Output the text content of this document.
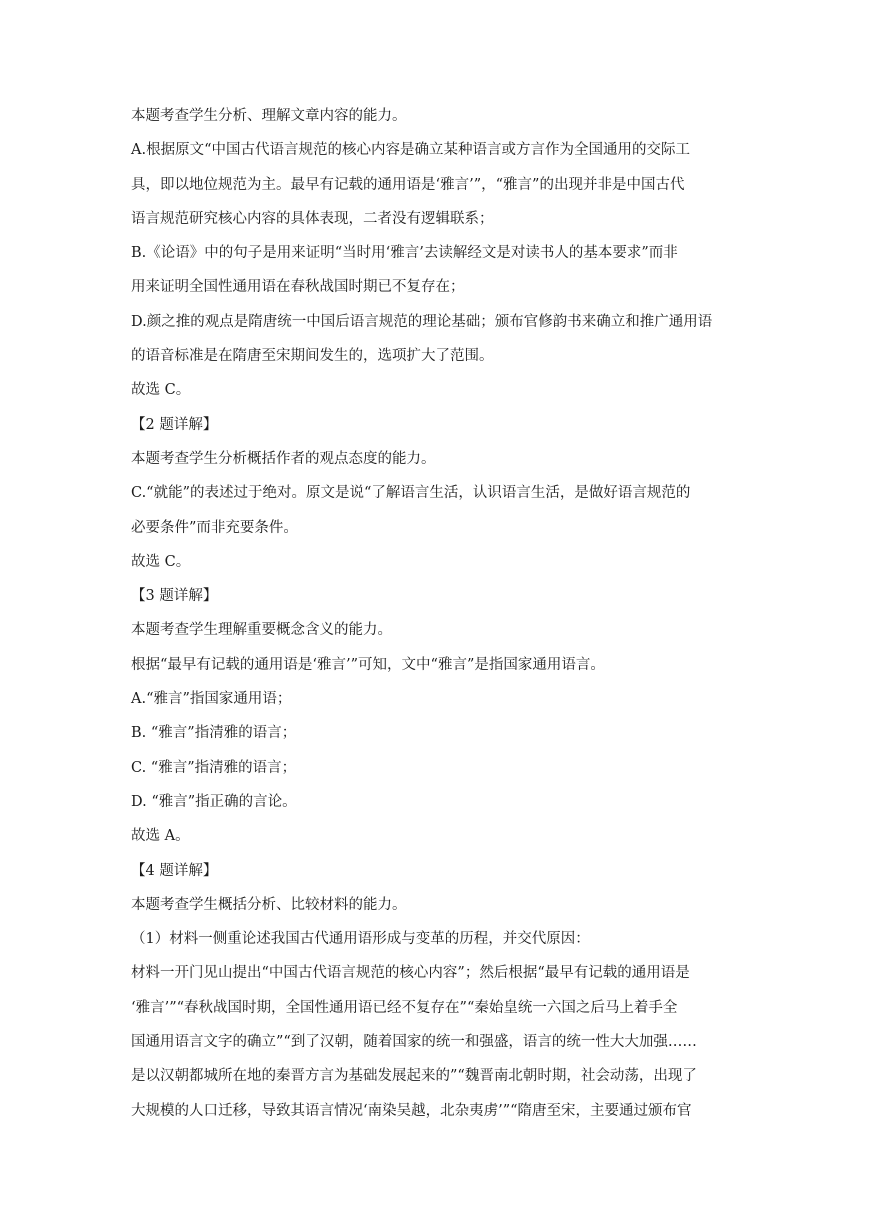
本题考查学生分析、理解文章内容的能力。

A.根据原文“中国古代语言规范的核心内容是确立某种语言或方言作为全国通用的交际工

具，即以地位规范为主。最早有记载的通用语是‘雅言’”，“雅言”的出现并非是中国古代

语言规范研究核心内容的具体表现，二者没有逻辑联系；

B.《论语》中的句子是用来证明“当时用‘雅言’去读解经文是对读书人的基本要求”而非

用来证明全国性通用语在春秋战国时期已不复存在；

D.颜之推的观点是隋唐统一中国后语言规范的理论基础；颁布官修韵书来确立和推广通用语

的语音标准是在隋唐至宋期间发生的，选项扩大了范围。

故选 C。

【2 题详解】

本题考查学生分析概括作者的观点态度的能力。

C.“就能”的表述过于绝对。原文是说“了解语言生活，认识语言生活，是做好语言规范的

必要条件”而非充要条件。

故选 C。

【3 题详解】

本题考查学生理解重要概念含义的能力。

根据“最早有记载的通用语是‘雅言’”可知，文中“雅言”是指国家通用语言。

A.“雅言”指国家通用语；

B. “雅言”指清雅的语言；

C. “雅言”指清雅的语言；

D. “雅言”指正确的言论。

故选 A。

【4 题详解】

本题考查学生概括分析、比较材料的能力。

（1）材料一侧重论述我国古代通用语形成与变革的历程，并交代原因：

材料一开门见山提出“中国古代语言规范的核心内容”；然后根据“最早有记载的通用语是

‘雅言’”“春秋战国时期，全国性通用语已经不复存在”“秦始皇统一六国之后马上着手全

国通用语言文字的确立”“到了汉朝，随着国家的统一和强盛，语言的统一性大大加强……

是以汉朝都城所在地的秦晋方言为基础发展起来的”“魏晋南北朝时期，社会动荡，出现了

大规模的人口迁移，导致其语言情况‘南染吴越，北杂夷虏’”“隋唐至宋，主要通过颁布官
